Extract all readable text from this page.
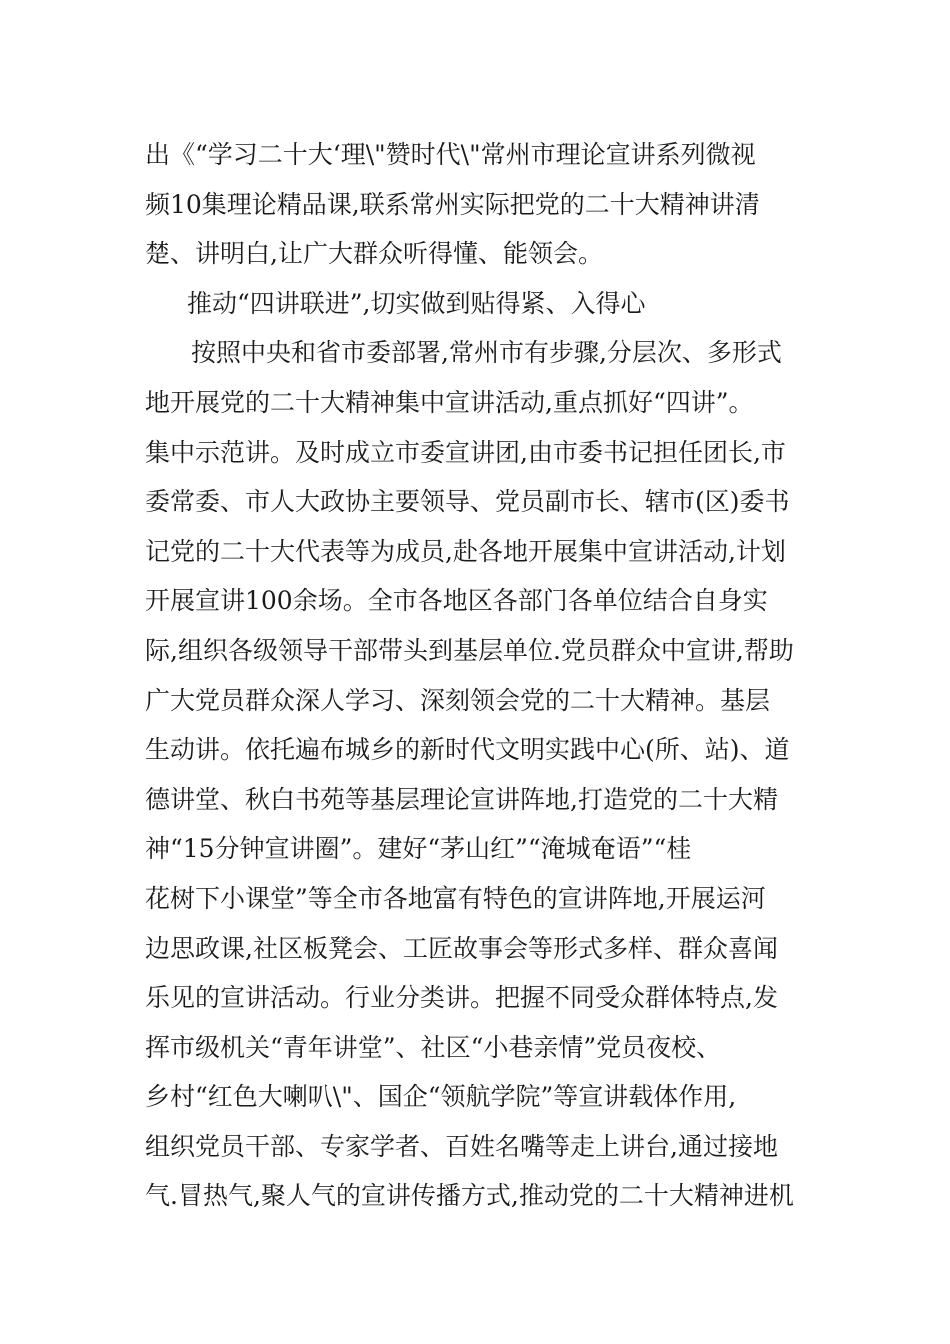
出《“学习二十大‘理\"赞时代\"常州市理论宣讲系列微视
频10集理论精品课,联系常州实际把党的二十大精神讲清
楚、讲明白,让广大群众听得懂、能领会。
推动“四讲联进”,切实做到贴得紧、入得心
按照中央和省市委部署,常州市有步骤,分层次、多形式
地开展党的二十大精神集中宣讲活动,重点抓好“四讲”。
集中示范讲。及时成立市委宣讲团,由市委书记担任团长,市
委常委、市人大政协主要领导、党员副市长、辖市(区)委书
记党的二十大代表等为成员,赴各地开展集中宣讲活动,计划
开展宣讲100余场。全市各地区各部门各单位结合自身实
际,组织各级领导干部带头到基层单位.党员群众中宣讲,帮助
广大党员群众深人学习、深刻领会党的二十大精神。基层
生动讲。依托遍布城乡的新时代文明实践中心(所、站)、道
德讲堂、秋白书苑等基层理论宣讲阵地,打造党的二十大精
神“15分钟宣讲圈”。建好“茅山红”“淹城奄语”“桂
花树下小课堂”等全市各地富有特色的宣讲阵地,开展运河
边思政课,社区板凳会、工匠故事会等形式多样、群众喜闻
乐见的宣讲活动。行业分类讲。把握不同受众群体特点,发
挥市级机关“青年讲堂”、社区“小巷亲情”党员夜校、
乡村“红色大喇叭\"、国企“领航学院”等宣讲载体作用,
组织党员干部、专家学者、百姓名嘴等走上讲台,通过接地
气.冒热气,聚人气的宣讲传播方式,推动党的二十大精神进机
